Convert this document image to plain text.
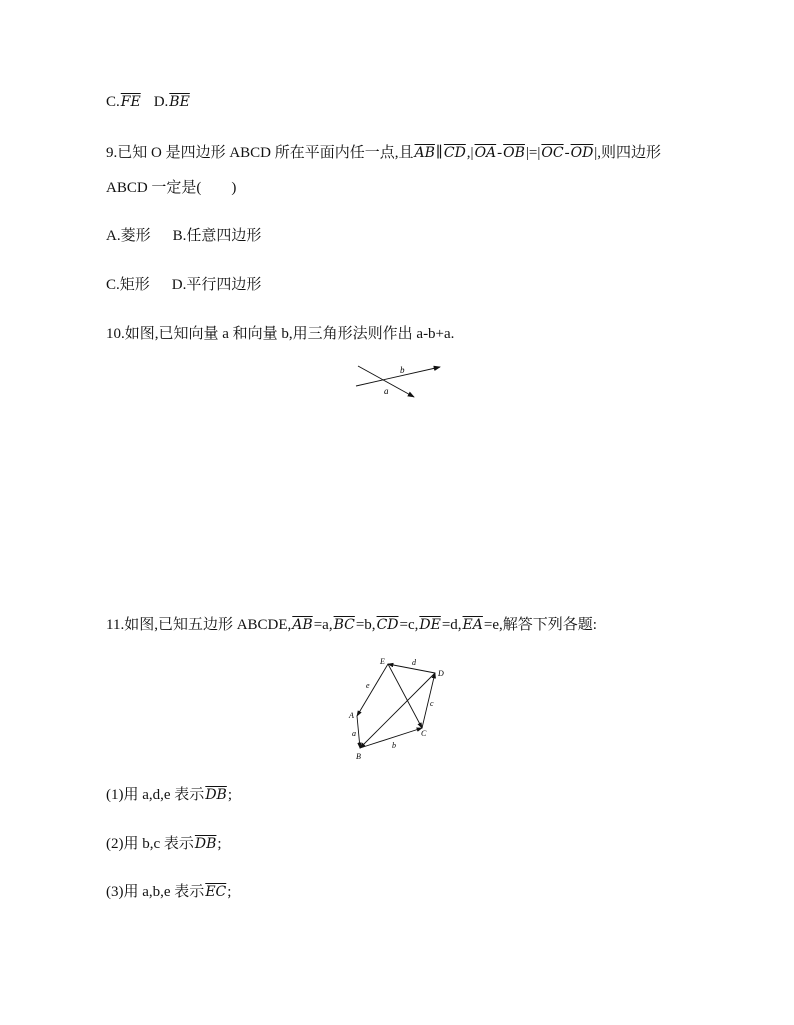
$C.\overline{FE}$ $D.\overline{BE}$
9.已知 O 是四边形 ABCD 所在平面内任一点,且$\overline{AB}\parallel\overline{CD},|\overline{OA}-\overline{OB}|=|\overline{OC}-\overline{OD}|$,则四边形
ABCD 一定是(　　)
A.菱形 B.任意四边形
C.矩形 D.平行四边形
10.如图,已知向量 a 和向量 b,用三角形法则作出 a-b+a.
b
a
11.如图,已知五边形 $ABCDE,\overline{AB}=a,\overline{BC}=b,\overline{CD}=c,\overline{DE}=d,\overline{EA}=e$,解答下列各题:
A
B
C
D
E
a
b
c
d
e
(1)用 a,d,e 表示$\overline{DB}$;
(2)用 b,c 表示$\overline{DB}$;
(3)用 a,b,e 表示$\overline{EC}$;
